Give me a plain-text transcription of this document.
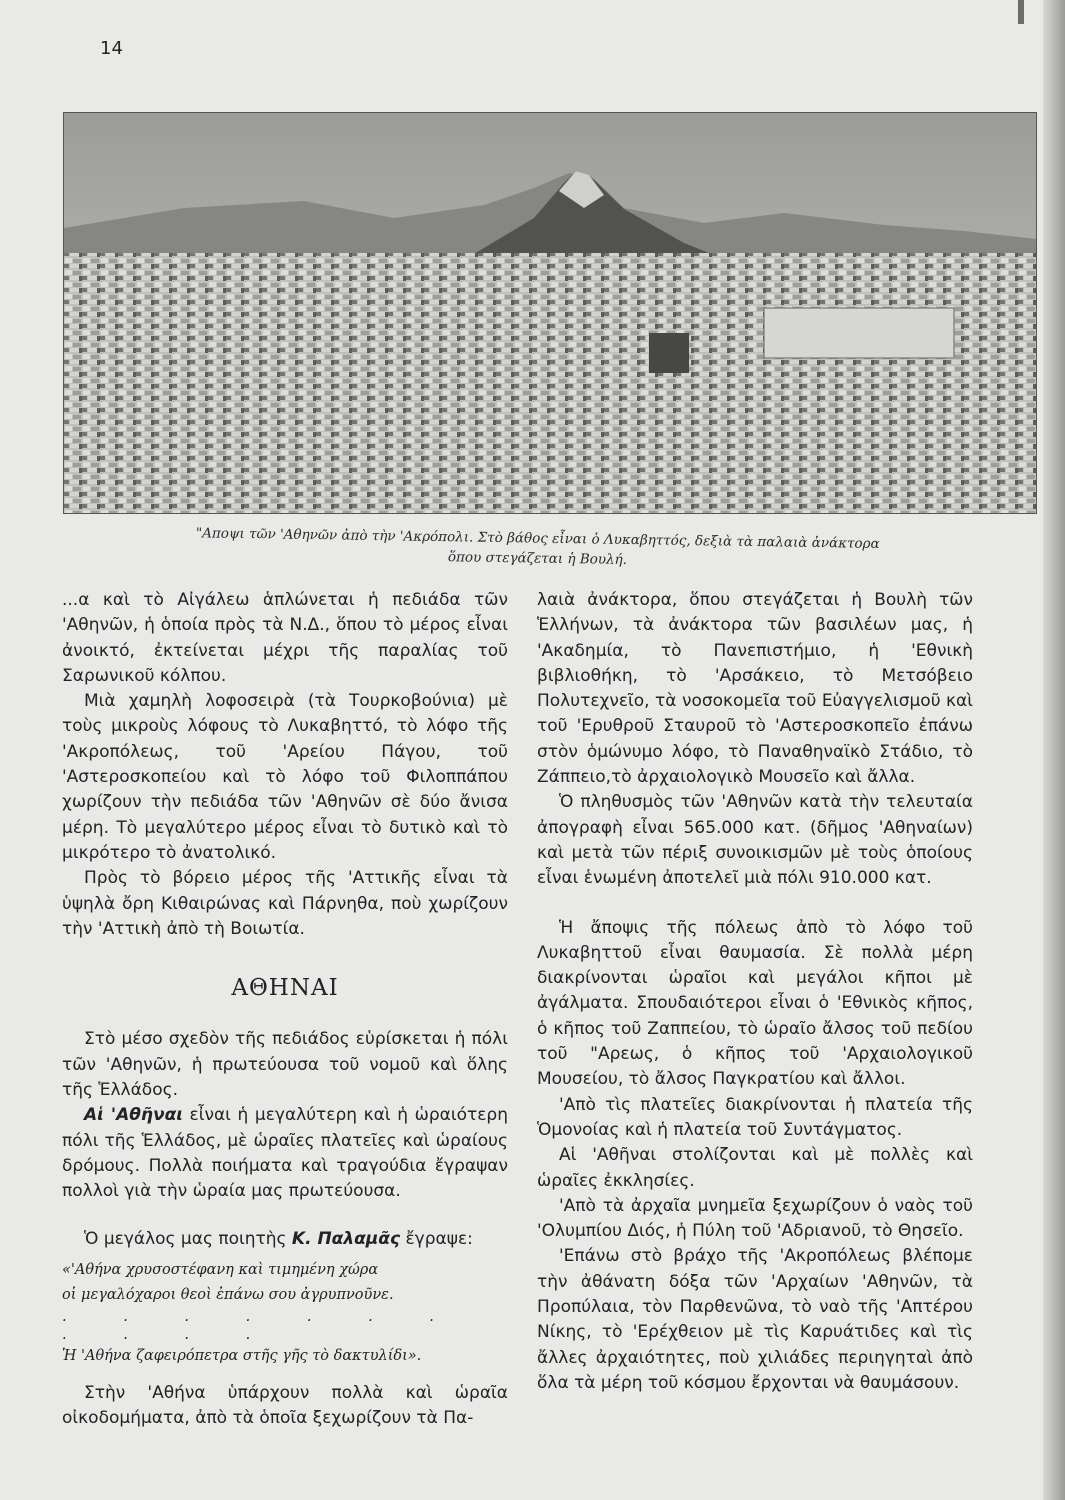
14
"Αποψι τῶν 'Αθηνῶν ἀπὸ τὴν 'Ακρόπολι. Στὸ βάθος εἶναι ὁ Λυκαβηττός, δεξιὰ τὰ παλαιὰ ἀνάκτορα
ὅπου στεγάζεται ἡ Βουλή.

...α καὶ τὸ Αἰγάλεω ἁπλώνεται ἡ πεδιάδα τῶν 'Αθηνῶν, ἡ ὁποία πρὸς τὰ Ν.Δ., ὅπου τὸ μέρος εἶναι ἀνοικτό, ἐκτείνεται μέχρι τῆς παραλίας τοῦ Σαρωνικοῦ κόλπου.

Μιὰ χαμηλὴ λοφοσειρὰ (τὰ Τουρκοβούνια) μὲ τοὺς μικροὺς λόφους τὸ Λυκαβηττό, τὸ λόφο τῆς 'Ακροπόλεως, τοῦ 'Αρείου Πάγου, τοῦ 'Αστεροσκοπείου καὶ τὸ λόφο τοῦ Φιλοππάπου χωρίζουν τὴν πεδιάδα τῶν 'Αθηνῶν σὲ δύο ἄνισα μέρη. Τὸ μεγαλύτερο μέρος εἶναι τὸ δυτικὸ καὶ τὸ μικρότερο τὸ ἀνατολικό.

Πρὸς τὸ βόρειο μέρος τῆς 'Αττικῆς εἶναι τὰ ὑψηλὰ ὄρη Κιθαιρώνας καὶ Πάρνηθα, ποὺ χωρίζουν τὴν 'Αττικὴ ἀπὸ τὴ Βοιωτία.

ΑΘΗΝΑΙ

Στὸ μέσο σχεδὸν τῆς πεδιάδος εὑρίσκεται ἡ πόλι τῶν 'Αθηνῶν, ἡ πρωτεύουσα τοῦ νομοῦ καὶ ὅλης τῆς Ἑλλάδος.

Αἱ 'Αθῆναι εἶναι ἡ μεγαλύτερη καὶ ἡ ὡραιότερη πόλι τῆς Ἑλλάδος, μὲ ὡραῖες πλατεῖες καὶ ὡραίους δρόμους. Πολλὰ ποιήματα καὶ τραγούδια ἔγραψαν πολλοὶ γιὰ τὴν ὡραία μας πρωτεύουσα.

Ὁ μεγάλος μας ποιητὴς Κ. Παλαμᾶς ἔγραψε:

«'Αθήνα χρυσοστέφανη καὶ τιμημένη χώρα
οἱ μεγαλόχαροι θεοὶ ἐπάνω σου ἀγρυπνοῦνε.
. . . . . . . . . . .
Ἡ 'Αθήνα ζαφειρόπετρα στῆς γῆς τὸ δακτυλίδι».

Στὴν 'Αθήνα ὑπάρχουν πολλὰ καὶ ὡραῖα οἰκοδομήματα, ἀπὸ τὰ ὁποῖα ξεχωρίζουν τὰ Πα-

λαιὰ ἀνάκτορα, ὅπου στεγάζεται ἡ Βουλὴ τῶν Ἑλλήνων, τὰ ἀνάκτορα τῶν βασιλέων μας, ἡ 'Ακαδημία, τὸ Πανεπιστήμιο, ἡ 'Εθνικὴ βιβλιοθήκη, τὸ 'Αρσάκειο, τὸ Μετσόβειο Πολυτεχνεῖο, τὰ νοσοκομεῖα τοῦ Εὐαγγελισμοῦ καὶ τοῦ 'Ερυθροῦ Σταυροῦ τὸ 'Αστεροσκοπεῖο ἐπάνω στὸν ὁμώνυμο λόφο, τὸ Παναθηναϊκὸ Στάδιο, τὸ Ζάππειο,τὸ ἀρχαιολογικὸ Μουσεῖο καὶ ἄλλα.

Ὁ πληθυσμὸς τῶν 'Αθηνῶν κατὰ τὴν τελευταία ἀπογραφὴ εἶναι 565.000 κατ. (δῆμος 'Αθηναίων) καὶ μετὰ τῶν πέριξ συνοικισμῶν μὲ τοὺς ὁποίους εἶναι ἑνωμένη ἀποτελεῖ μιὰ πόλι 910.000 κατ.

Ἡ ἄποψις τῆς πόλεως ἀπὸ τὸ λόφο τοῦ Λυκαβηττοῦ εἶναι θαυμασία. Σὲ πολλὰ μέρη διακρίνονται ὡραῖοι καὶ μεγάλοι κῆποι μὲ ἀγάλματα. Σπουδαιότεροι εἶναι ὁ 'Εθνικὸς κῆπος, ὁ κῆπος τοῦ Ζαππείου, τὸ ὡραῖο ἄλσος τοῦ πεδίου τοῦ "Αρεως, ὁ κῆπος τοῦ 'Αρχαιολογικοῦ Μουσείου, τὸ ἄλσος Παγκρατίου καὶ ἄλλοι.

'Απὸ τὶς πλατεῖες διακρίνονται ἡ πλατεία τῆς Ὁμονοίας καὶ ἡ πλατεία τοῦ Συντάγματος.

Αἱ 'Αθῆναι στολίζονται καὶ μὲ πολλὲς καὶ ὡραῖες ἐκκλησίες.

'Απὸ τὰ ἀρχαῖα μνημεῖα ξεχωρίζουν ὁ ναὸς τοῦ 'Ολυμπίου Διός, ἡ Πύλη τοῦ 'Αδριανοῦ, τὸ Θησεῖο.

'Επάνω στὸ βράχο τῆς 'Ακροπόλεως βλέπομε τὴν ἀθάνατη δόξα τῶν 'Αρχαίων 'Αθηνῶν, τὰ Προπύλαια, τὸν Παρθενῶνα, τὸ ναὸ τῆς 'Απτέρου Νίκης, τὸ 'Ερέχθειον μὲ τὶς Καρυάτιδες καὶ τὶς ἄλλες ἀρχαιότητες, ποὺ χιλιάδες περιηγηταὶ ἀπὸ ὅλα τὰ μέρη τοῦ κόσμου ἔρχονται νὰ θαυμάσουν.
